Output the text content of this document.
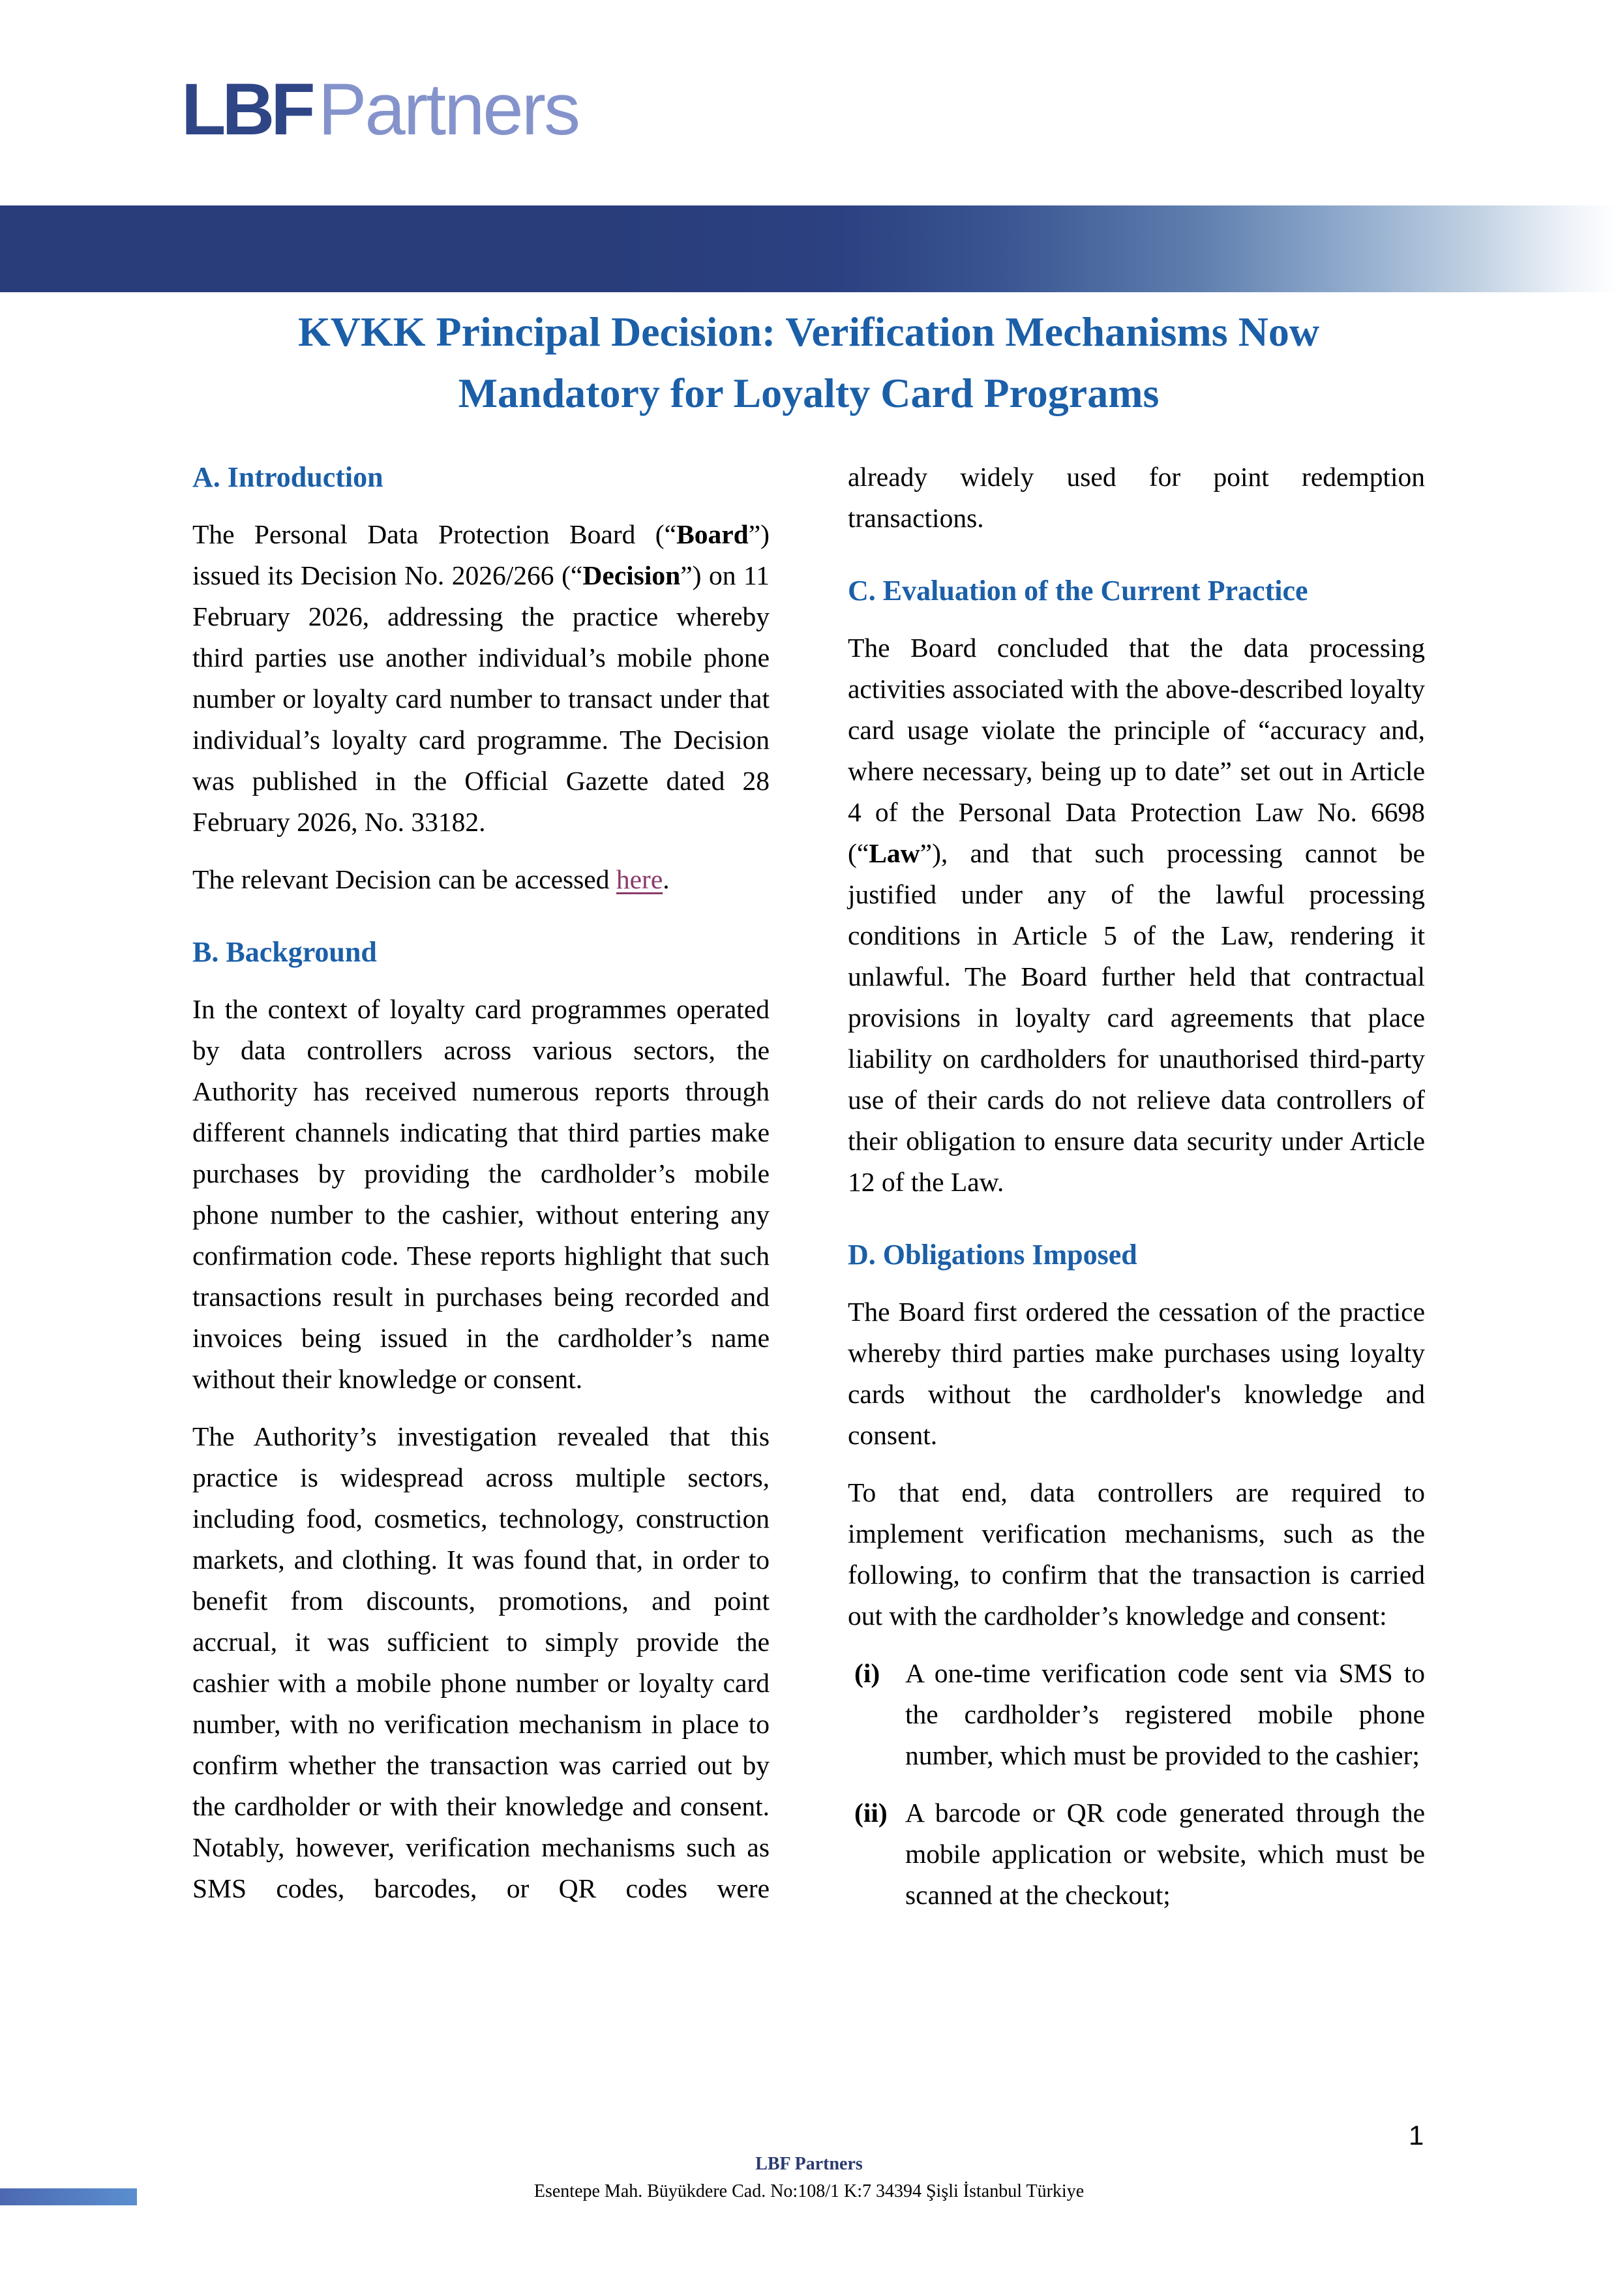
LBFPartners
KVKK Principal Decision: Verification Mechanisms Now
Mandatory for Loyalty Card Programs
A. Introduction

The Personal Data Protection Board (“Board”) issued its Decision No. 2026/266 (“Decision”) on 11 February 2026, addressing the practice whereby third parties use another individual’s mobile phone number or loyalty card number to transact under that individual’s loyalty card programme. The Decision was published in the Official Gazette dated 28 February 2026, No. 33182.

The relevant Decision can be accessed here.

B. Background

In the context of loyalty card programmes operated by data controllers across various sectors, the Authority has received numerous reports through different channels indicating that third parties make purchases by providing the cardholder’s mobile phone number to the cashier, without entering any confirmation code. These reports highlight that such transactions result in purchases being recorded and invoices being issued in the cardholder’s name without their knowledge or consent.

The Authority’s investigation revealed that this practice is widespread across multiple sectors, including food, cosmetics, technology, construction markets, and clothing. It was found that, in order to benefit from discounts, promotions, and point accrual, it was sufficient to simply provide the cashier with a mobile phone number or loyalty card number, with no verification mechanism in place to confirm whether the transaction was carried out by the cardholder or with their knowledge and consent. Notably, however, verification mechanisms such as SMS codes, barcodes, or QR codes were

already widely used for point redemption transactions.

C. Evaluation of the Current Practice

The Board concluded that the data processing activities associated with the above-described loyalty card usage violate the principle of “accuracy and, where necessary, being up to date” set out in Article 4 of the Personal Data Protection Law No. 6698 (“Law”), and that such processing cannot be justified under any of the lawful processing conditions in Article 5 of the Law, rendering it unlawful. The Board further held that contractual provisions in loyalty card agreements that place liability on cardholders for unauthorised third-party use of their cards do not relieve data controllers of their obligation to ensure data security under Article 12 of the Law.

D. Obligations Imposed

The Board first ordered the cessation of the practice whereby third parties make purchases using loyalty cards without the cardholder's knowledge and consent.

To that end, data controllers are required to implement verification mechanisms, such as the following, to confirm that the transaction is carried out with the cardholder’s knowledge and consent:

(i) A one-time verification code sent via SMS to the cardholder’s registered mobile phone number, which must be provided to the cashier;
(ii) A barcode or QR code generated through the mobile application or website, which must be scanned at the checkout;
1
LBF Partners
Esentepe Mah. Büyükdere Cad. No:108/1 K:7 34394 Şişli İstanbul Türkiye
